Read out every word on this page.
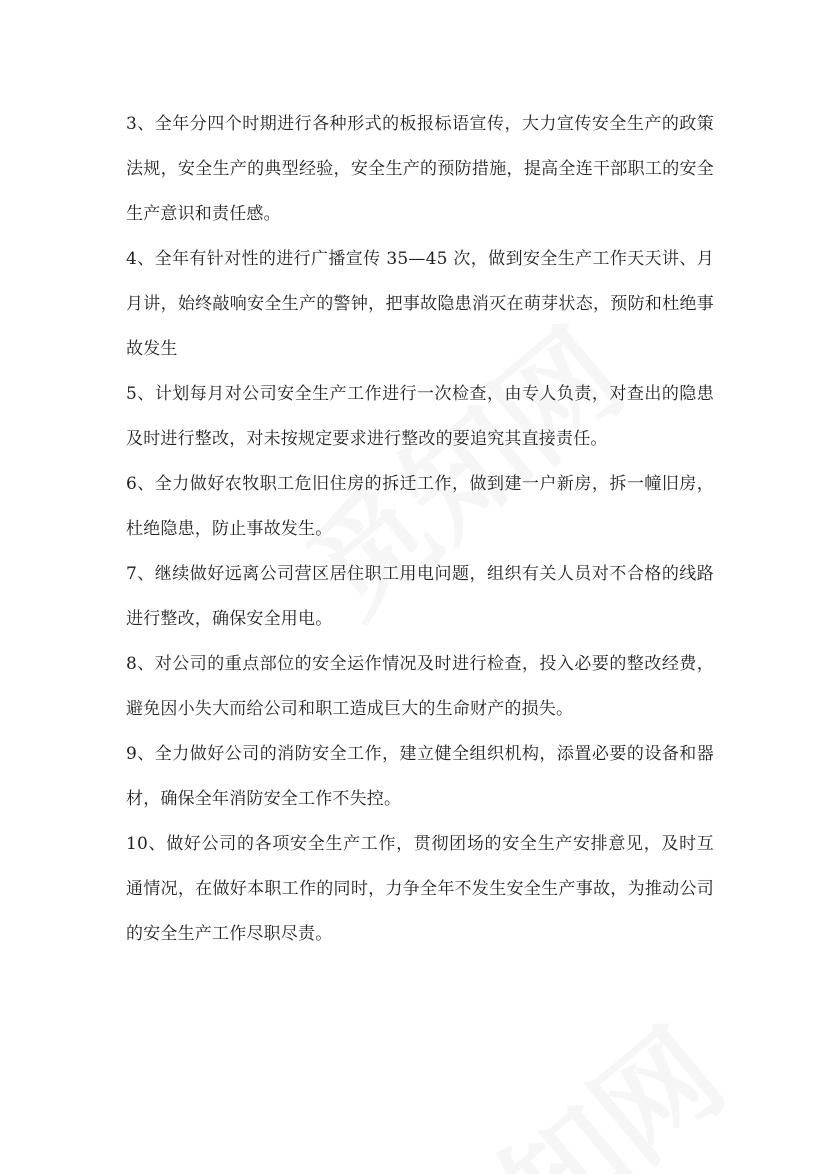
3、全年分四个时期进行各种形式的板报标语宣传，大力宣传安全生产的政策法规，安全生产的典型经验，安全生产的预防措施，提高全连干部职工的安全生产意识和责任感。

4、全年有针对性的进行广播宣传 35—45 次，做到安全生产工作天天讲、月月讲，始终敲响安全生产的警钟，把事故隐患消灭在萌芽状态，预防和杜绝事故发生

5、计划每月对公司安全生产工作进行一次检查，由专人负责，对查出的隐患及时进行整改，对未按规定要求进行整改的要追究其直接责任。

6、全力做好农牧职工危旧住房的拆迁工作，做到建一户新房，拆一幢旧房，杜绝隐患，防止事故发生。

7、继续做好远离公司营区居住职工用电问题，组织有关人员对不合格的线路进行整改，确保安全用电。

8、对公司的重点部位的安全运作情况及时进行检查，投入必要的整改经费，避免因小失大而给公司和职工造成巨大的生命财产的损失。

9、全力做好公司的消防安全工作，建立健全组织机构，添置必要的设备和器材，确保全年消防安全工作不失控。

10、做好公司的各项安全生产工作，贯彻团场的安全生产安排意见，及时互通情况，在做好本职工作的同时，力争全年不发生安全生产事故，为推动公司的安全生产工作尽职尽责。
